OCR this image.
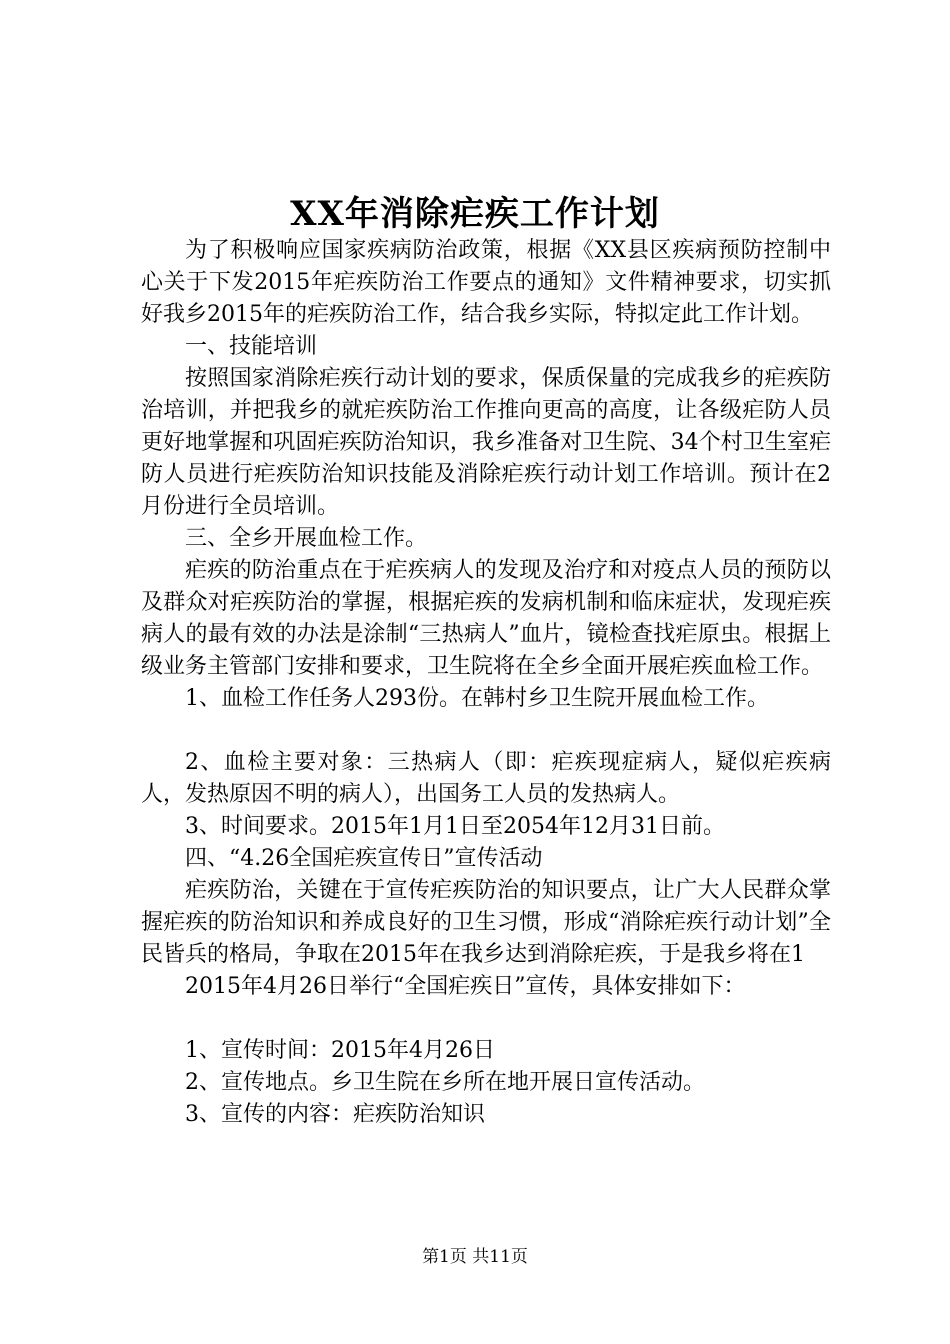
XX年消除疟疾工作计划

为了积极响应国家疾病防治政策，根据《XX县区疾病预防控制中心关于下发2015年疟疾防治工作要点的通知》文件精神要求，切实抓好我乡2015年的疟疾防治工作，结合我乡实际，特拟定此工作计划。

一、技能培训

按照国家消除疟疾行动计划的要求，保质保量的完成我乡的疟疾防治培训，并把我乡的就疟疾防治工作推向更高的高度，让各级疟防人员更好地掌握和巩固疟疾防治知识，我乡准备对卫生院、34个村卫生室疟防人员进行疟疾防治知识技能及消除疟疾行动计划工作培训。预计在2月份进行全员培训。

三、全乡开展血检工作。

疟疾的防治重点在于疟疾病人的发现及治疗和对疫点人员的预防以及群众对疟疾防治的掌握，根据疟疾的发病机制和临床症状，发现疟疾病人的最有效的办法是涂制“三热病人”血片，镜检查找疟原虫。根据上级业务主管部门安排和要求，卫生院将在全乡全面开展疟疾血检工作。

1、血检工作任务人293份。在韩村乡卫生院开展血检工作。

2、血检主要对象：三热病人（即：疟疾现症病人，疑似疟疾病人，发热原因不明的病人），出国务工人员的发热病人。

3、时间要求。2015年1月1日至2054年12月31日前。

四、“4.26全国疟疾宣传日”宣传活动

疟疾防治，关键在于宣传疟疾防治的知识要点，让广大人民群众掌握疟疾的防治知识和养成良好的卫生习惯，形成“消除疟疾行动计划”全民皆兵的格局，争取在2015年在我乡达到消除疟疾，于是我乡将在1

2015年4月26日举行“全国疟疾日”宣传，具体安排如下：

1、宣传时间：2015年4月26日

2、宣传地点。乡卫生院在乡所在地开展日宣传活动。

3、宣传的内容：疟疾防治知识

第1页 共11页
